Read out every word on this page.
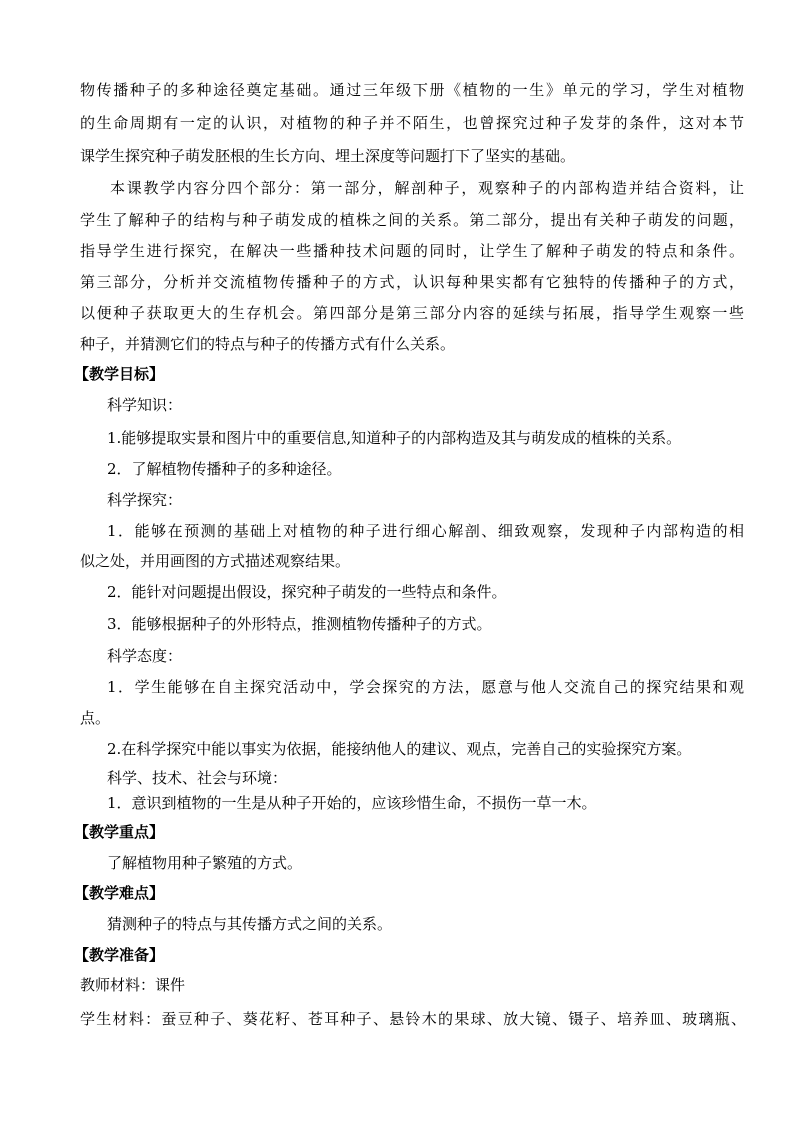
物传播种子的多种途径奠定基础。通过三年级下册《植物的一生》单元的学习，学生对植物
的生命周期有一定的认识，对植物的种子并不陌生，也曾探究过种子发芽的条件，这对本节
课学生探究种子萌发胚根的生长方向、埋土深度等问题打下了坚实的基础。
本课教学内容分四个部分：第一部分，解剖种子，观察种子的内部构造并结合资料，让
学生了解种子的结构与种子萌发成的植株之间的关系。第二部分，提出有关种子萌发的问题，
指导学生进行探究，在解决一些播种技术问题的同时，让学生了解种子萌发的特点和条件。
第三部分，分析并交流植物传播种子的方式，认识每种果实都有它独特的传播种子的方式，
以便种子获取更大的生存机会。第四部分是第三部分内容的延续与拓展，指导学生观察一些
种子，并猜测它们的特点与种子的传播方式有什么关系。
【教学目标】
科学知识：
1.能够提取实景和图片中的重要信息,知道种子的内部构造及其与萌发成的植株的关系。
2．了解植物传播种子的多种途径。
科学探究：
1．能够在预测的基础上对植物的种子进行细心解剖、细致观察，发现种子内部构造的相
似之处，并用画图的方式描述观察结果。
2．能针对问题提出假设，探究种子萌发的一些特点和条件。
3．能够根据种子的外形特点，推测植物传播种子的方式。
科学态度：
1．学生能够在自主探究活动中，学会探究的方法，愿意与他人交流自己的探究结果和观
点。
2.在科学探究中能以事实为依据，能接纳他人的建议、观点，完善自己的实验探究方案。
科学、技术、社会与环境：
1．意识到植物的一生是从种子开始的，应该珍惜生命，不损伤一草一木。
【教学重点】
了解植物用种子繁殖的方式。
【教学难点】
猜测种子的特点与其传播方式之间的关系。
【教学准备】
教师材料：课件
学生材料：蚕豆种子、葵花籽、苍耳种子、悬铃木的果球、放大镜、镊子、培养皿、玻璃瓶、
